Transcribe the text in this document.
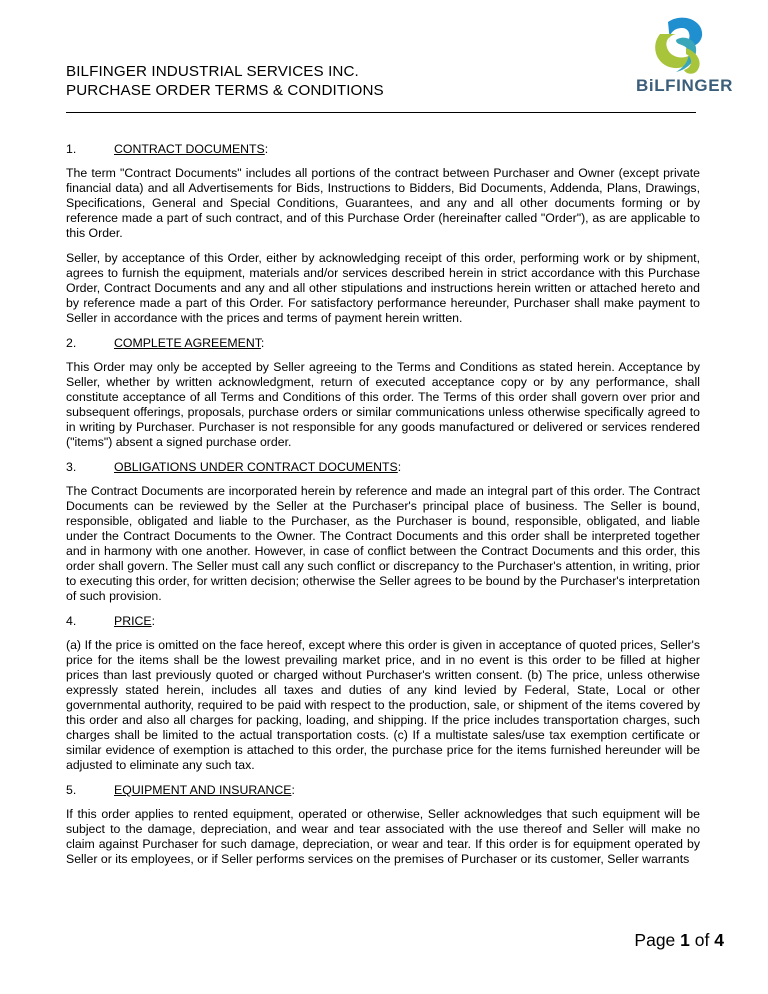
BiLFINGER
BILFINGER INDUSTRIAL SERVICES INC.
PURCHASE ORDER TERMS & CONDITIONS
1.	CONTRACT DOCUMENTS:

The term "Contract Documents" includes all portions of the contract between Purchaser and Owner (except private financial data) and all Advertisements for Bids, Instructions to Bidders, Bid Documents, Addenda, Plans, Drawings, Specifications, General and Special Conditions, Guarantees, and any and all other documents forming or by reference made a part of such contract, and of this Purchase Order (hereinafter called "Order"), as are applicable to this Order.

Seller, by acceptance of this Order, either by acknowledging receipt of this order, performing work or by shipment, agrees to furnish the equipment, materials and/or services described herein in strict accordance with this Purchase Order, Contract Documents and any and all other stipulations and instructions herein written or attached hereto and by reference made a part of this Order. For satisfactory performance hereunder, Purchaser shall make payment to Seller in accordance with the prices and terms of payment herein written.

2.	COMPLETE AGREEMENT:

This Order may only be accepted by Seller agreeing to the Terms and Conditions as stated herein. Acceptance by Seller, whether by written acknowledgment, return of executed acceptance copy or by any performance, shall constitute acceptance of all Terms and Conditions of this order. The Terms of this order shall govern over prior and subsequent offerings, proposals, purchase orders or similar communications unless otherwise specifically agreed to in writing by Purchaser. Purchaser is not responsible for any goods manufactured or delivered or services rendered ("items") absent a signed purchase order.

3.	OBLIGATIONS UNDER CONTRACT DOCUMENTS:

The Contract Documents are incorporated herein by reference and made an integral part of this order. The Contract Documents can be reviewed by the Seller at the Purchaser's principal place of business. The Seller is bound, responsible, obligated and liable to the Purchaser, as the Purchaser is bound, responsible, obligated, and liable under the Contract Documents to the Owner. The Contract Documents and this order shall be interpreted together and in harmony with one another. However, in case of conflict between the Contract Documents and this order, this order shall govern. The Seller must call any such conflict or discrepancy to the Purchaser's attention, in writing, prior to executing this order, for written decision; otherwise the Seller agrees to be bound by the Purchaser's interpretation of such provision.

4.	PRICE:

(a) If the price is omitted on the face hereof, except where this order is given in acceptance of quoted prices, Seller's price for the items shall be the lowest prevailing market price, and in no event is this order to be filled at higher prices than last previously quoted or charged without Purchaser's written consent. (b) The price, unless otherwise expressly stated herein, includes all taxes and duties of any kind levied by Federal, State, Local or other governmental authority, required to be paid with respect to the production, sale, or shipment of the items covered by this order and also all charges for packing, loading, and shipping. If the price includes transportation charges, such charges shall be limited to the actual transportation costs. (c) If a multistate sales/use tax exemption certificate or similar evidence of exemption is attached to this order, the purchase price for the items furnished hereunder will be adjusted to eliminate any such tax.

5.	EQUIPMENT AND INSURANCE:

If this order applies to rented equipment, operated or otherwise, Seller acknowledges that such equipment will be subject to the damage, depreciation, and wear and tear associated with the use thereof and Seller will make no claim against Purchaser for such damage, depreciation, or wear and tear. If this order is for equipment operated by Seller or its employees, or if Seller performs services on the premises of Purchaser or its customer, Seller warrants

Page 1 of 4
